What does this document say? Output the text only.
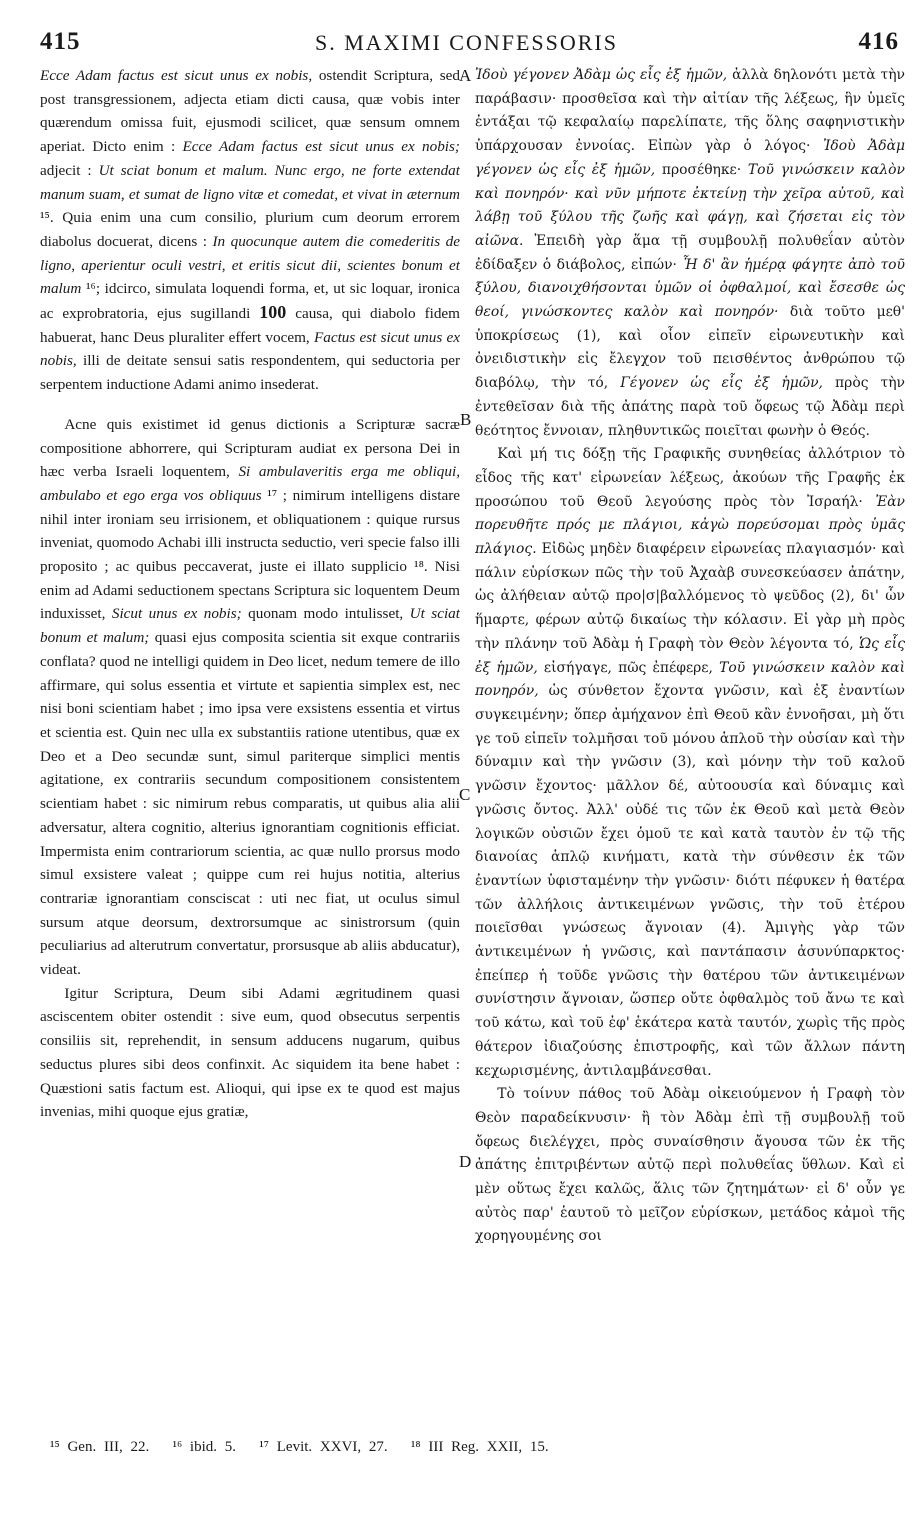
415	S. MAXIMI CONFESSORIS	416
A
B
C
D

Ecce Adam factus est sicut unus ex nobis, ostendit Scriptura, sed post transgressionem, adjecta etiam dicti causa, quæ vobis inter quærendum omissa fuit, ejusmodi scilicet, quæ sensum omnem aperiat. Dicto enim : Ecce Adam factus est sicut unus ex nobis; adjecit : Ut sciat bonum et malum. Nunc ergo, ne forte extendat manum suam, et sumat de ligno vitæ et comedat, et vivat in æternum ¹⁵. Quia enim una cum consilio, plurium cum deorum errorem diabolus docuerat, dicens : In quocunque autem die comederitis de ligno, aperientur oculi vestri, et eritis sicut dii, scientes bonum et malum ¹⁶; idcirco, simulata loquendi forma, et, ut sic loquar, ironica ac exprobratoria, ejus sugillandi 100 causa, qui diabolo fidem habuerat, hanc Deus pluraliter effert vocem, Factus est sicut unus ex nobis, illi de deitate sensui satis respondentem, qui seductoria per serpentem inductione Adami animo insederat.

Acne quis existimet id genus dictionis a Scripturæ sacræ compositione abhorrere, qui Scripturam audiat ex persona Dei in hæc verba Israeli loquentem, Si ambulaveritis erga me obliqui, ambulabo et ego erga vos obliquus ¹⁷ ; nimirum intelligens distare nihil inter ironiam seu irrisionem, et obliquationem : quique rursus inveniat, quomodo Achabi illi instructa seductio, veri specie falso illi proposito ; ac quibus peccaverat, juste ei illato supplicio ¹⁸. Nisi enim ad Adami seductionem spectans Scriptura sic loquentem Deum induxisset, Sicut unus ex nobis; quonam modo intulisset, Ut sciat bonum et malum; quasi ejus composita scientia sit exque contrariis conflata? quod ne intelligi quidem in Deo licet, nedum temere de illo affirmare, qui solus essentia et virtute et sapientia simplex est, nec nisi boni scientiam habet ; imo ipsa vere exsistens essentia et virtus et scientia est. Quin nec ulla ex substantiis ratione utentibus, quæ ex Deo et a Deo secundæ sunt, simul pariterque simplici mentis agitatione, ex contrariis secundum compositionem consistentem scientiam habet : sic nimirum rebus comparatis, ut quibus alia alii adversatur, altera cognitio, alterius ignorantiam cognitionis efficiat. Impermista enim contrariorum scientia, ac quæ nullo prorsus modo simul exsistere valeat ; quippe cum rei hujus notitia, alterius contrariæ ignorantiam consciscat : uti nec fiat, ut oculus simul sursum atque deorsum, dextrorsumque ac sinistrorsum (quin peculiarius ad alterutrum convertatur, prorsusque ab aliis abducatur), videat.

Igitur Scriptura, Deum sibi Adami ægritudinem quasi asciscentem obiter ostendit : sive eum, quod obsecutus serpentis consiliis sit, reprehendit, in sensum adducens nugarum, quibus seductus plures sibi deos confinxit. Ac siquidem ita bene habet : Quæstioni satis factum est. Alioqui, qui ipse ex te quod est majus invenias, mihi quoque ejus gratiæ,

Ἰδοὺ γέγονεν Ἀδὰμ ὡς εἷς ἐξ ἡμῶν, ἀλλὰ δηλονότι μετὰ τὴν παράβασιν· προσθεῖσα καὶ τὴν αἰτίαν τῆς λέξεως, ἣν ὑμεῖς ἐντάξαι τῷ κεφαλαίῳ παρελίπατε, τῆς ὅλης σαφηνιστικὴν ὑπάρχουσαν ἐννοίας. Εἰπὼν γὰρ ὁ λόγος· Ἰδοὺ Ἀδὰμ γέγονεν ὡς εἷς ἐξ ἡμῶν, προσέθηκε· Τοῦ γινώσκειν καλὸν καὶ πονηρόν· καὶ νῦν μήποτε ἐκτείνῃ τὴν χεῖρα αὐτοῦ, καὶ λάβῃ τοῦ ξύλου τῆς ζωῆς καὶ φάγῃ, καὶ ζήσεται εἰς τὸν αἰῶνα. Ἐπειδὴ γὰρ ἅμα τῇ συμβουλῇ πολυθεΐαν αὐτὸν ἐδίδαξεν ὁ διάβολος, εἰπών· Ἧ δ' ἂν ἡμέρᾳ φάγητε ἀπὸ τοῦ ξύλου, διανοιχθήσονται ὑμῶν οἱ ὀφθαλμοί, καὶ ἔσεσθε ὡς θεοί, γινώσκοντες καλὸν καὶ πονηρόν· διὰ τοῦτο μεθ' ὑποκρίσεως (1), καὶ οἷον εἰπεῖν εἰρωνευτικὴν καὶ ὀνειδιστικὴν εἰς ἔλεγχον τοῦ πεισθέντος ἀνθρώπου τῷ διαβόλῳ, τὴν τό, Γέγονεν ὡς εἷς ἐξ ἡμῶν, πρὸς τὴν ἐντεθεῖσαν διὰ τῆς ἀπάτης παρὰ τοῦ ὄφεως τῷ Ἀδὰμ περὶ θεότητος ἔννοιαν, πληθυντικῶς ποιεῖται φωνὴν ὁ Θεός.

Καὶ μή τις δόξῃ τῆς Γραφικῆς συνηθείας ἀλλότριον τὸ εἶδος τῆς κατ' εἰρωνείαν λέξεως, ἀκούων τῆς Γραφῆς ἐκ προσώπου τοῦ Θεοῦ λεγούσης πρὸς τὸν Ἰσραήλ· Ἐὰν πορευθῆτε πρός με πλάγιοι, κἀγὼ πορεύσομαι πρὸς ὑμᾶς πλάγιος. Εἰδὼς μηδὲν διαφέρειν εἰρωνείας πλαγιασμόν· καὶ πάλιν εὑρίσκων πῶς τὴν τοῦ Ἀχαὰβ συνεσκεύασεν ἀπάτην, ὡς ἀλήθειαν αὐτῷ προ|σ|βαλλόμενος τὸ ψεῦδος (2), δι' ὧν ἥμαρτε, φέρων αὐτῷ δικαίως τὴν κόλασιν. Εἰ γὰρ μὴ πρὸς τὴν πλάνην τοῦ Ἀδὰμ ἡ Γραφὴ τὸν Θεὸν λέγοντα τό, Ὡς εἷς ἐξ ἡμῶν, εἰσήγαγε, πῶς ἐπέφερε, Τοῦ γινώσκειν καλὸν καὶ πονηρόν, ὡς σύνθετον ἔχοντα γνῶσιν, καὶ ἐξ ἐναντίων συγκειμένην; ὅπερ ἀμήχανον ἐπὶ Θεοῦ κἂν ἐννοῆσαι, μὴ ὅτι γε τοῦ εἰπεῖν τολμῆσαι τοῦ μόνου ἁπλοῦ τὴν οὐσίαν καὶ τὴν δύναμιν καὶ τὴν γνῶσιν (3), καὶ μόνην τὴν τοῦ καλοῦ γνῶσιν ἔχοντος· μᾶλλον δέ, αὐτοουσία καὶ δύναμις καὶ γνῶσις ὄντος. Ἀλλ' οὐδέ τις τῶν ἐκ Θεοῦ καὶ μετὰ Θεὸν λογικῶν οὐσιῶν ἔχει ὁμοῦ τε καὶ κατὰ ταυτὸν ἐν τῷ τῆς διανοίας ἁπλῷ κινήματι, κατὰ τὴν σύνθεσιν ἐκ τῶν ἐναντίων ὑφισταμένην τὴν γνῶσιν· διότι πέφυκεν ἡ θατέρα τῶν ἀλλήλοις ἀντικειμένων γνῶσις, τὴν τοῦ ἑτέρου ποιεῖσθαι γνώσεως ἄγνοιαν (4). Ἀμιγὴς γὰρ τῶν ἀντικειμένων ἡ γνῶσις, καὶ παντάπασιν ἀσυνύπαρκτος· ἐπείπερ ἡ τοῦδε γνῶσις τὴν θατέρου τῶν ἀντικειμένων συνίστησιν ἄγνοιαν, ὥσπερ οὔτε ὀφθαλμὸς τοῦ ἄνω τε καὶ τοῦ κάτω, καὶ τοῦ ἐφ' ἑκάτερα κατὰ ταυτόν, χωρὶς τῆς πρὸς θάτερον ἰδιαζούσης ἐπιστροφῆς, καὶ τῶν ἄλλων πάντη κεχωρισμένης, ἀντιλαμβάνεσθαι.

Τὸ τοίνυν πάθος τοῦ Ἀδὰμ οἰκειούμενον ἡ Γραφὴ τὸν Θεὸν παραδείκνυσιν· ἢ τὸν Ἀδὰμ ἐπὶ τῇ συμβουλῇ τοῦ ὄφεως διελέγχει, πρὸς συναίσθησιν ἄγουσα τῶν ἐκ τῆς ἀπάτης ἐπιτριβέντων αὐτῷ περὶ πολυθεΐας ὕθλων. Καὶ εἰ μὲν οὕτως ἔχει καλῶς, ἅλις τῶν ζητημάτων· εἰ δ' οὖν γε αὐτὸς παρ' ἑαυτοῦ τὸ μεῖζον εὑρίσκων, μετάδος κἀμοὶ τῆς χορηγουμένης σοι

¹⁵ Gen. III, 22. ¹⁶ ibid. 5. ¹⁷ Levit. XXVI, 27. ¹⁸ III Reg. XXII, 15.
